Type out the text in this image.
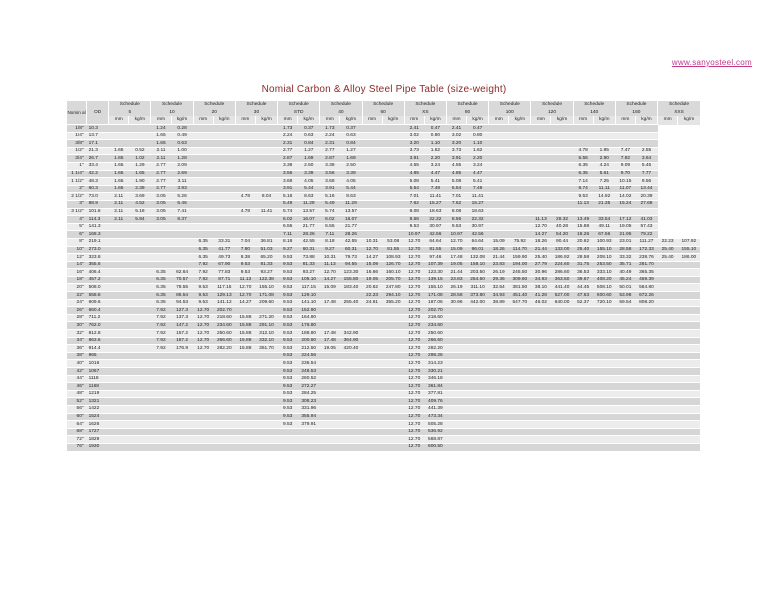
www.sanyosteel.com
Nomial Carbon & Alloy Steel Pipe Table (size-weight)
Nomin al	OD	Schedule		Schedule		Schedule		Schedule		Schedule		Schedule		Schedule		Schedule		Schedule		Schedule		Schedule		Schedule		Schedule		Schedule	
		5		10		20		30		STD		40		60		XS		80		100		120		140		160		XXS	
		mm	kg/m	mm	kg/m	mm	kg/m	mm	kg/m	mm	kg/m	mm	kg/m	mm	kg/m	mm	kg/m	mm	kg/m	mm	kg/m	mm	kg/m	mm	kg/m	mm	kg/m	mm	kg/m
1/8"	10.3			1.24	0.28					1.73	0.37	1.73	0.37			2.41	0.47	2.41	0.47										
1/4"	13.7			1.65	0.49					2.24	0.63	2.24	0.63			3.02	0.80	3.02	0.80										
3/8"	17.1			1.65	0.63					2.31	0.84	2.31	0.84			3.20	1.10	3.20	1.10										
1/2"	21.3	1.65	0.52	2.11	1.00					2.77	1.27	2.77	1.27			3.73	1.62	3.73	1.62					4.78	1.95	7.47	2.55		
3/4"	26.7	1.65	1.02	2.11	1.28					2.87	1.69	2.87	1.69			3.91	2.20	3.91	2.20					5.56	2.90	7.82	3.64		
1"	33.4	1.65	1.29	2.77	2.09					3.38	2.50	3.38	2.50			4.55	3.24	4.55	3.24					6.35	4.24	9.09	5.45		
1 1/4"	42.2	1.65	1.65	2.77	2.69					3.56	3.39	3.56	3.39			4.85	4.47	4.85	4.47					6.35	5.61	9.70	7.77		
1 1/2"	48.3	1.65	1.90	2.77	3.11					3.68	4.05	3.68	4.05			5.08	5.41	5.08	5.41					7.14	7.25	10.15	9.56		
2"	60.3	1.65	2.39	2.77	3.93					3.91	5.44	3.91	5.44			5.54	7.48	5.54	7.48					8.74	11.11	11.07	13.44		
2 1/2"	73.0	2.11	3.69	3.05	5.26			4.78	8.04	5.16	8.63	5.16	8.63			7.01	11.41	7.01	11.41					9.53	14.92	14.02	20.39		
3"	88.9	2.11	4.52	3.05	6.46					5.49	11.29	5.49	11.29			7.62	15.27	7.62	15.27					11.13	21.35	15.24	27.68		
3 1/2"	101.6	2.11	5.18	3.05	7.41			4.78	11.41	5.74	13.57	5.74	13.57			8.08	18.63	8.08	18.63										
4"	114.3	2.11	5.84	3.05	8.37					6.02	16.07	6.02	16.07			8.56	22.32	8.56	22.32			11.13	28.32	13.49	33.54	17.12	41.03		
5"	141.3									6.55	21.77	6.55	21.77			9.53	30.97	9.53	30.97			12.70	40.28	15.88	49.11	19.05	57.43		
6"	168.3									7.11	28.26	7.11	28.26			10.97	42.56	10.97	42.56			14.27	54.20	18.26	67.56	21.95	79.22		
8"	219.1					6.35	33.31	7.04	36.81	8.18	42.55	8.18	42.55	10.31	53.08	12.70	64.64	12.70	64.64	15.09	75.92	18.26	90.44	20.62	100.93	23.01	111.27	22.23	107.92
10"	273.0					6.35	41.77	7.80	51.03	9.27	60.31	9.27	60.31	12.70	81.55	12.70	81.55	15.09	96.01	18.26	114.70	21.44	133.00	25.40	155.10	28.58	172.33	25.40	155.10
12"	323.8					6.35	49.73	8.38	65.20	9.53	73.88	10.31	79.73	14.27	108.93	12.70	97.46	17.48	132.08	21.44	159.90	25.40	186.92	28.58	208.10	33.32	238.76	25.40	186.00
14"	355.6					7.92	67.90	9.53	81.33	9.53	81.33	11.13	94.55	15.09	126.70	12.70	107.39	19.05	158.10	23.83	194.00	27.79	224.60	31.75	253.50	35.71	281.70		
16"	406.4			6.35	62.64	7.92	77.83	9.53	93.27	9.53	93.27	12.70	123.30	16.66	160.10	12.70	123.30	21.44	203.50	26.19	245.50	30.96	286.60	36.53	333.10	40.49	365.35		
18"	457.2			6.35	70.57	7.92	87.71	11.13	122.38	9.53	105.10	14.27	155.80	19.05	205.70	12.70	139.15	23.83	254.50	29.36	309.60	34.93	363.50	39.67	408.20	45.24	459.39		
20"	508.0			6.35	78.55	9.53	117.15	12.70	155.10	9.53	117.15	15.09	183.40	20.62	247.80	12.70	155.10	26.19	311.10	32.54	381.50	38.10	441.40	44.45	508.10	50.01	564.80		
22"	558.8			6.35	86.54	9.53	129.13	12.70	171.08	9.53	129.10			22.23	294.10	12.70	171.08	28.58	373.80	34.93	451.40	41.28	527.00	47.63	600.60	53.98	672.26		
24"	609.6			6.35	94.53	9.53	141.12	14.27	209.60	9.53	141.10	17.48	255.40	24.61	355.20	12.70	187.06	30.96	442.00	38.89	547.70	46.02	640.00	52.37	720.10	59.54	808.20		
26"	660.4			7.92	127.3	12.70	202.70			9.53	152.90					12.70	202.70												
28"	711.2			7.92	137.3	12.70	218.60	15.88	271.20	9.53	164.80					12.70	218.60												
30"	762.0			7.92	147.2	12.70	234.60	15.88	291.10	9.53	176.80					12.70	234.60												
32"	812.8			7.92	157.2	12.70	250.60	15.88	312.10	9.53	188.80	17.48	342.90			12.70	250.60												
34"	863.6			7.92	167.2	12.70	266.60	15.88	332.10	9.53	200.80	17.48	364.90			12.70	266.60												
36"	914.4			7.92	176.9	12.70	282.20	15.88	351.70	9.53	212.50	19.05	420.40			12.70	282.20												
38"	965									9.53	224.56					12.70	298.26												
40"	1016									9.53	236.54					12.70	314.23												
42"	1067									9.53	248.53					12.70	330.21												
44"	1118									9.53	260.52					12.70	346.18												
46"	1168									9.53	272.27					12.70	361.84												
48"	1219									9.53	284.25					12.70	377.81												
52"	1321									9.53	308.23					12.70	409.76												
56"	1422									9.53	331.96					12.70	441.39												
60"	1524									9.53	355.94					12.70	473.34												
64"	1626									9.53	379.91					12.70	505.28												
68"	1727															12.70	536.92												
72"	1829															12.70	568.87												
76"	1930															12.70	600.50												
